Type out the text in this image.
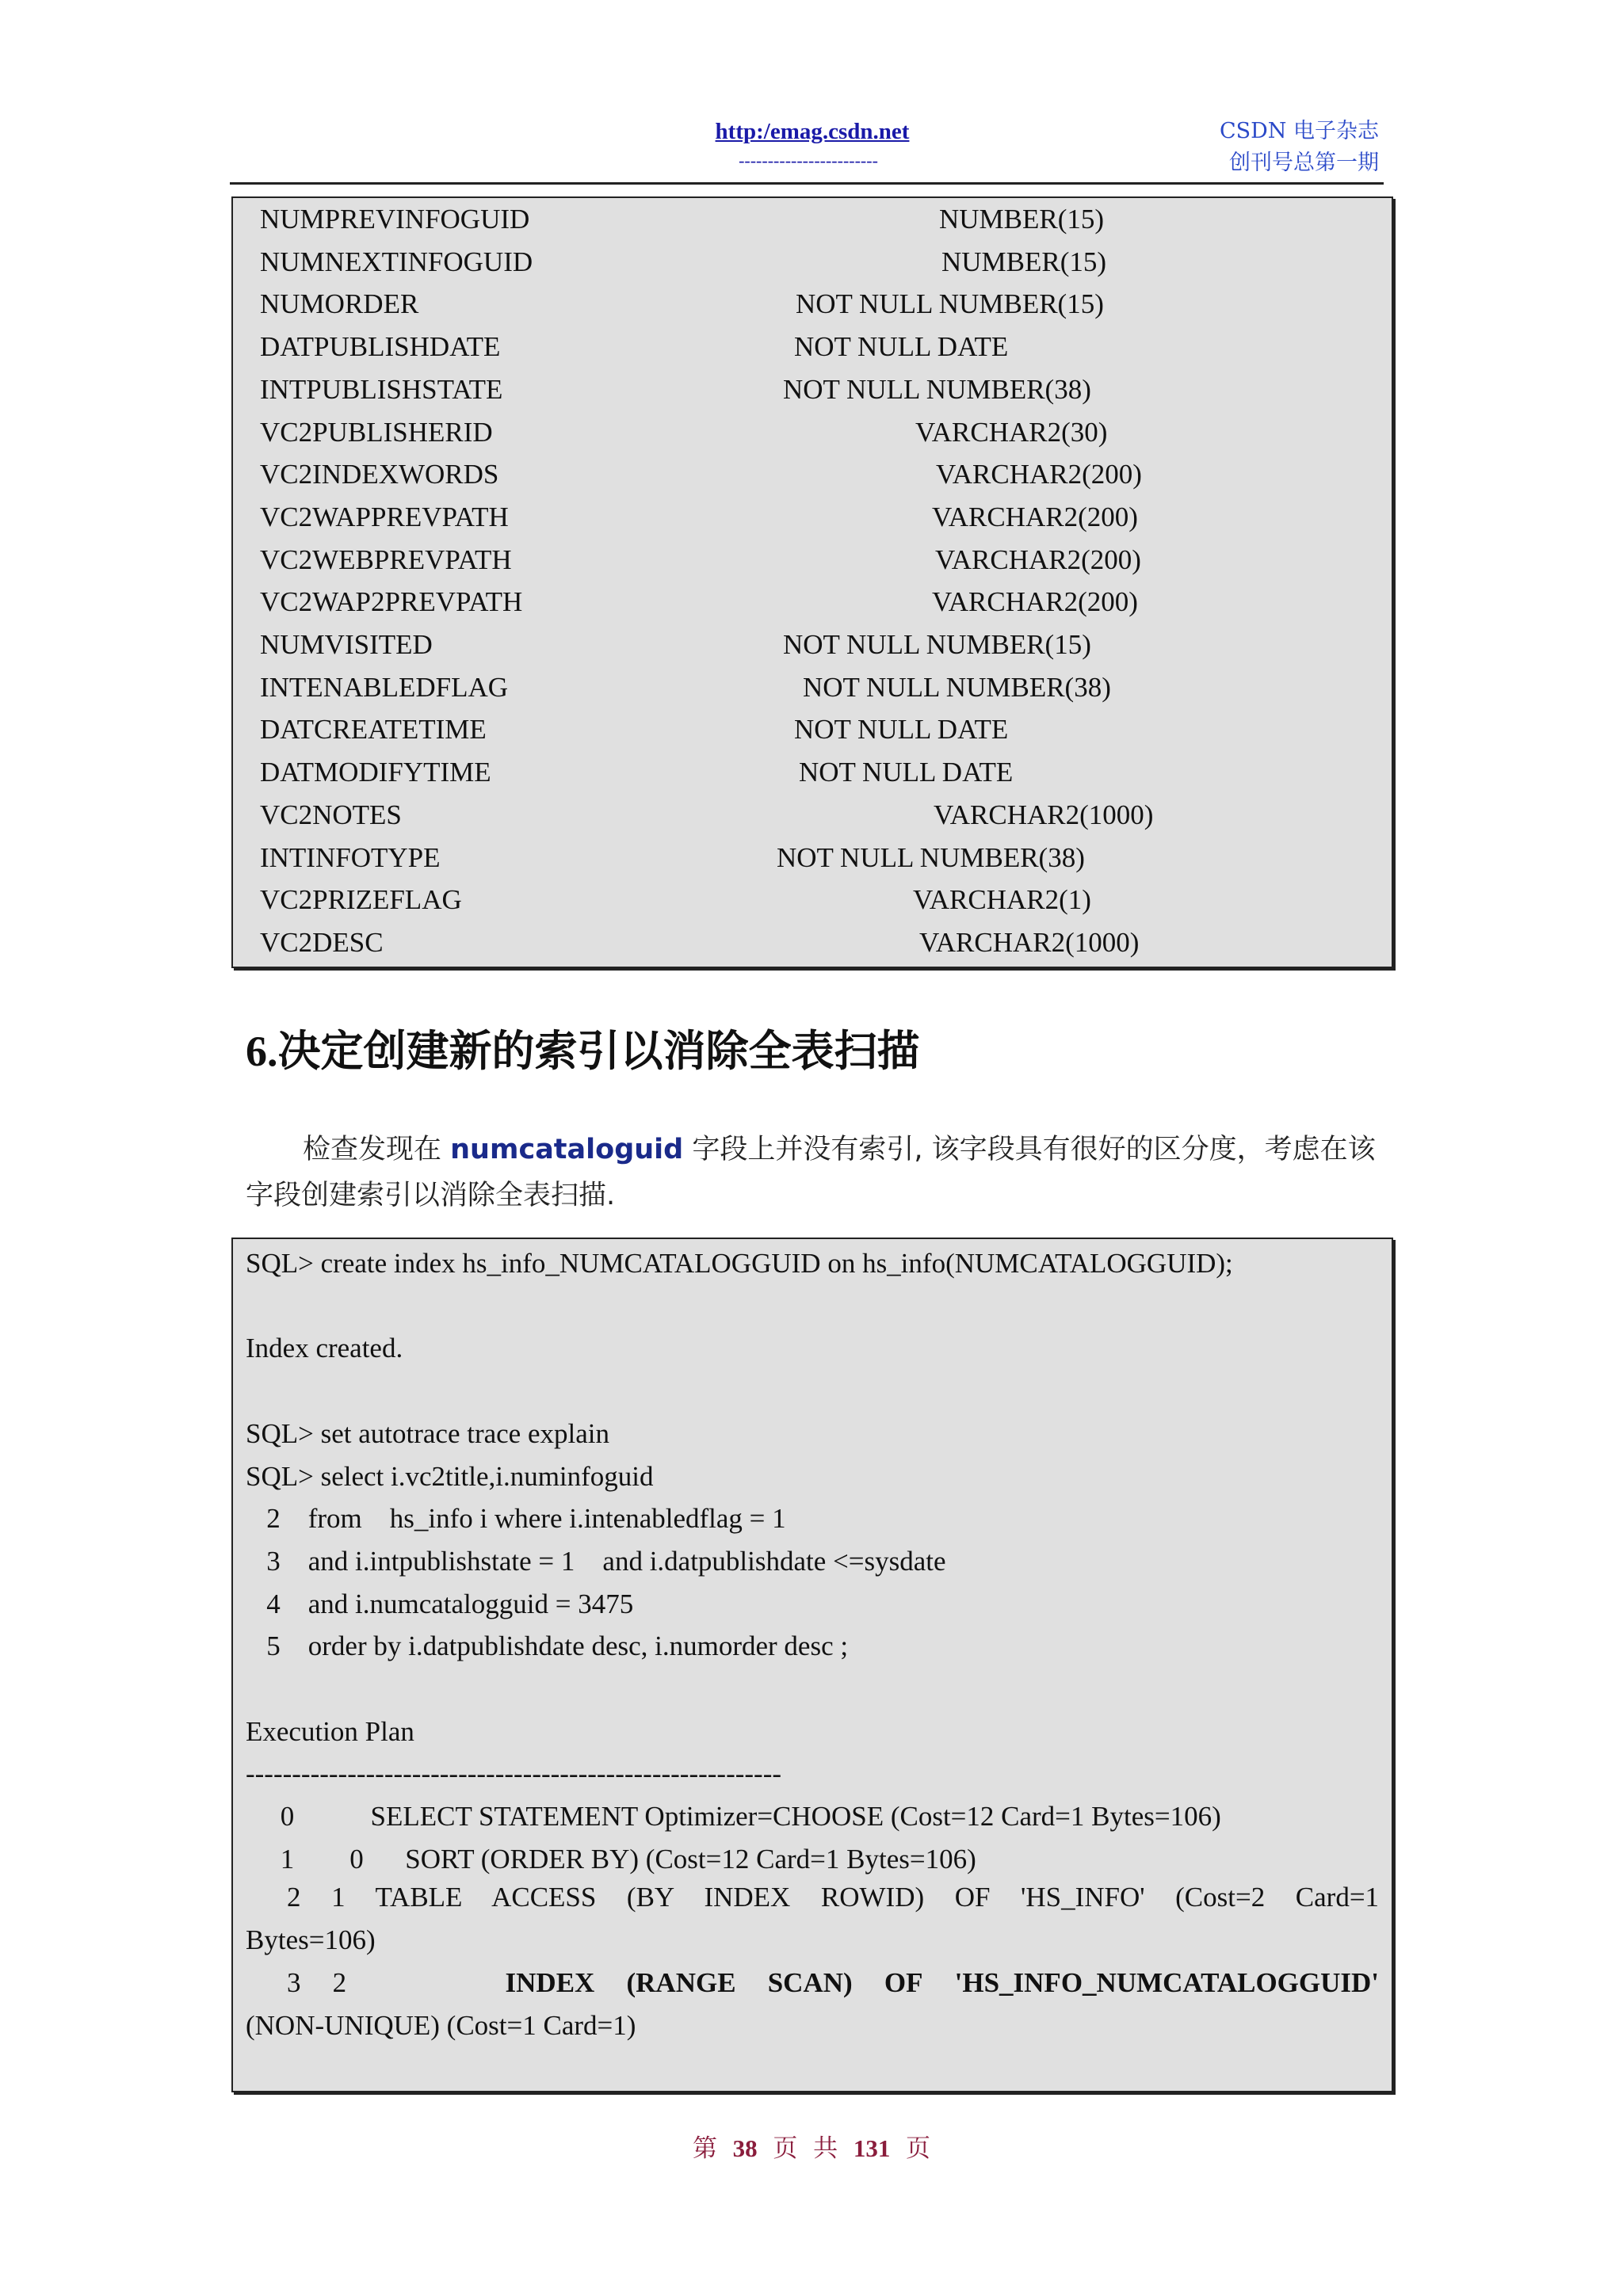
http:/emag.csdn.net
------------------------
CSDN 电子杂志
创刊号总第一期
NUMPREVINFOGUID	NUMBER(15)
NUMNEXTINFOGUID	NUMBER(15)
NUMORDER	NOT NULL NUMBER(15)
DATPUBLISHDATE	NOT NULL DATE
INTPUBLISHSTATE	NOT NULL NUMBER(38)
VC2PUBLISHERID	VARCHAR2(30)
VC2INDEXWORDS	VARCHAR2(200)
VC2WAPPREVPATH	VARCHAR2(200)
VC2WEBPREVPATH	VARCHAR2(200)
VC2WAP2PREVPATH	VARCHAR2(200)
NUMVISITED	NOT NULL NUMBER(15)
INTENABLEDFLAG	NOT NULL NUMBER(38)
DATCREATETIME	NOT NULL DATE
DATMODIFYTIME	NOT NULL DATE
VC2NOTES	VARCHAR2(1000)
INTINFOTYPE	NOT NULL NUMBER(38)
VC2PRIZEFLAG	VARCHAR2(1)
VC2DESC	VARCHAR2(1000)
6.决定创建新的索引以消除全表扫描
检查发现在 numcataloguid 字段上并没有索引, 该字段具有很好的区分度，考虑在该
字段创建索引以消除全表扫描.
SQL> create index hs_info_NUMCATALOGGUID on hs_info(NUMCATALOGGUID);
Index created.
SQL> set autotrace trace explain
SQL> select i.vc2title,i.numinfoguid
2    from    hs_info i where i.intenabledflag = 1
3    and i.intpublishstate = 1    and i.datpublishdate <=sysdate
4    and i.numcatalogguid = 3475
5    order by i.datpublishdate desc, i.numorder desc ;
Execution Plan
----------------------------------------------------------
0           SELECT STATEMENT Optimizer=CHOOSE (Cost=12 Card=1 Bytes=106)
1        0      SORT (ORDER BY) (Cost=12 Card=1 Bytes=106)
2 1 TABLE ACCESS (BY INDEX ROWID) OF 'HS_INFO' (Cost=2 Card=1
Bytes=106)
3 2	INDEX (RANGE SCAN) OF 'HS_INFO_NUMCATALOGGUID'
(NON-UNIQUE) (Cost=1 Card=1)
第 38 页  共 131 页
